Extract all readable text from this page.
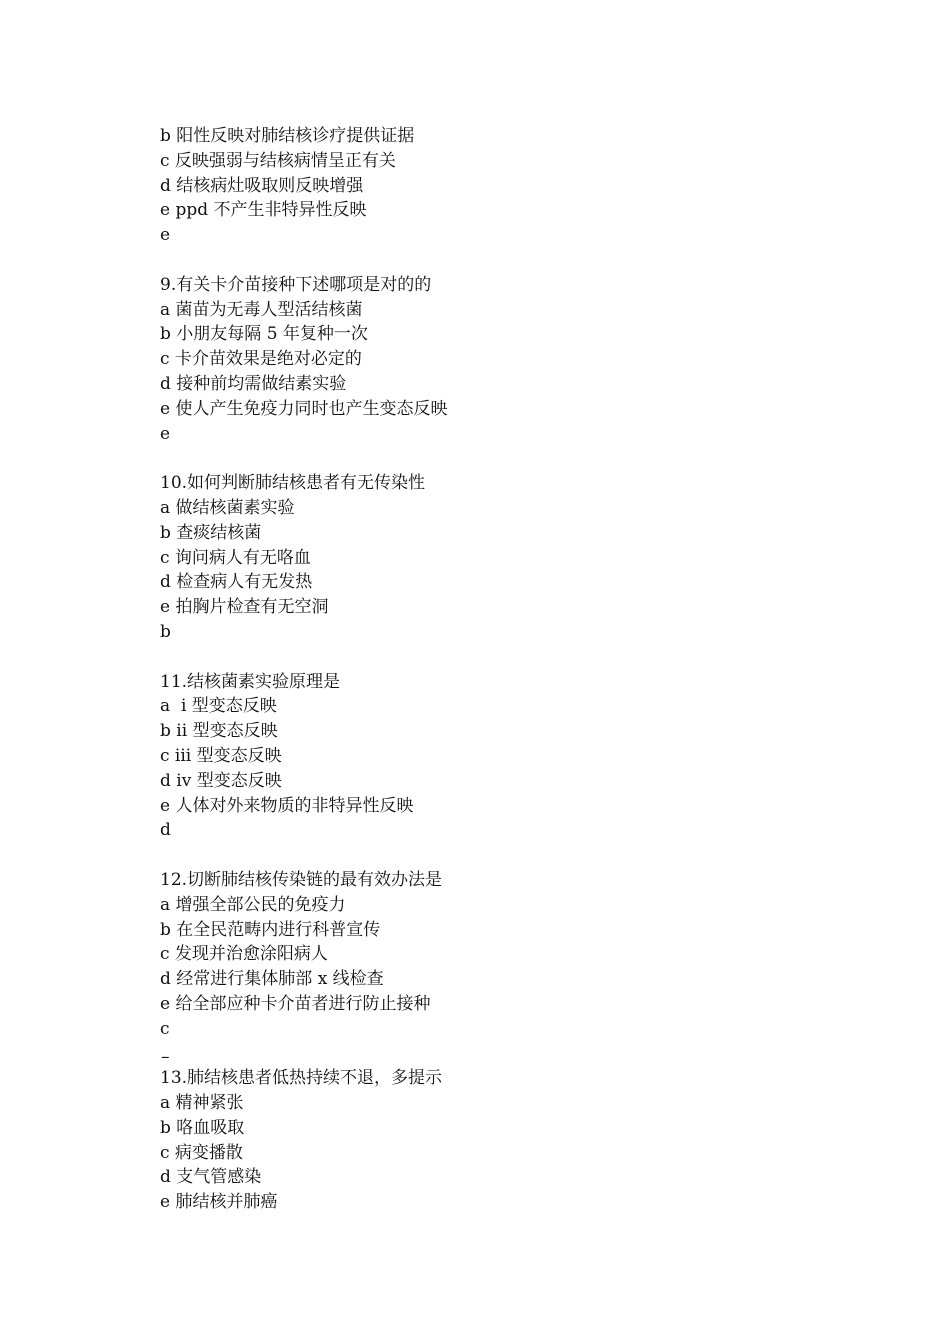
b 阳性反映对肺结核诊疗提供证据
c 反映强弱与结核病情呈正有关
d 结核病灶吸取则反映增强
e ppd 不产生非特异性反映
e
9.有关卡介苗接种下述哪项是对的的
a 菌苗为无毒人型活结核菌
b 小朋友每隔 5 年复种一次
c 卡介苗效果是绝对必定的
d 接种前均需做结素实验
e 使人产生免疫力同时也产生变态反映
e
10.如何判断肺结核患者有无传染性
a 做结核菌素实验
b 查痰结核菌
c 询问病人有无咯血
d 检查病人有无发热
e 拍胸片检查有无空洞
b
11.结核菌素实验原理是
a  i 型变态反映
b ii 型变态反映
c iii 型变态反映
d iv 型变态反映
e 人体对外来物质的非特异性反映
d
12.切断肺结核传染链的最有效办法是
a 增强全部公民的免疫力
b 在全民范畴内进行科普宣传
c 发现并治愈涂阳病人
d 经常进行集体肺部 x 线检查
e 给全部应种卡介苗者进行防止接种
c
–
13.肺结核患者低热持续不退，多提示
a 精神紧张
b 咯血吸取
c 病变播散
d 支气管感染
e 肺结核并肺癌
